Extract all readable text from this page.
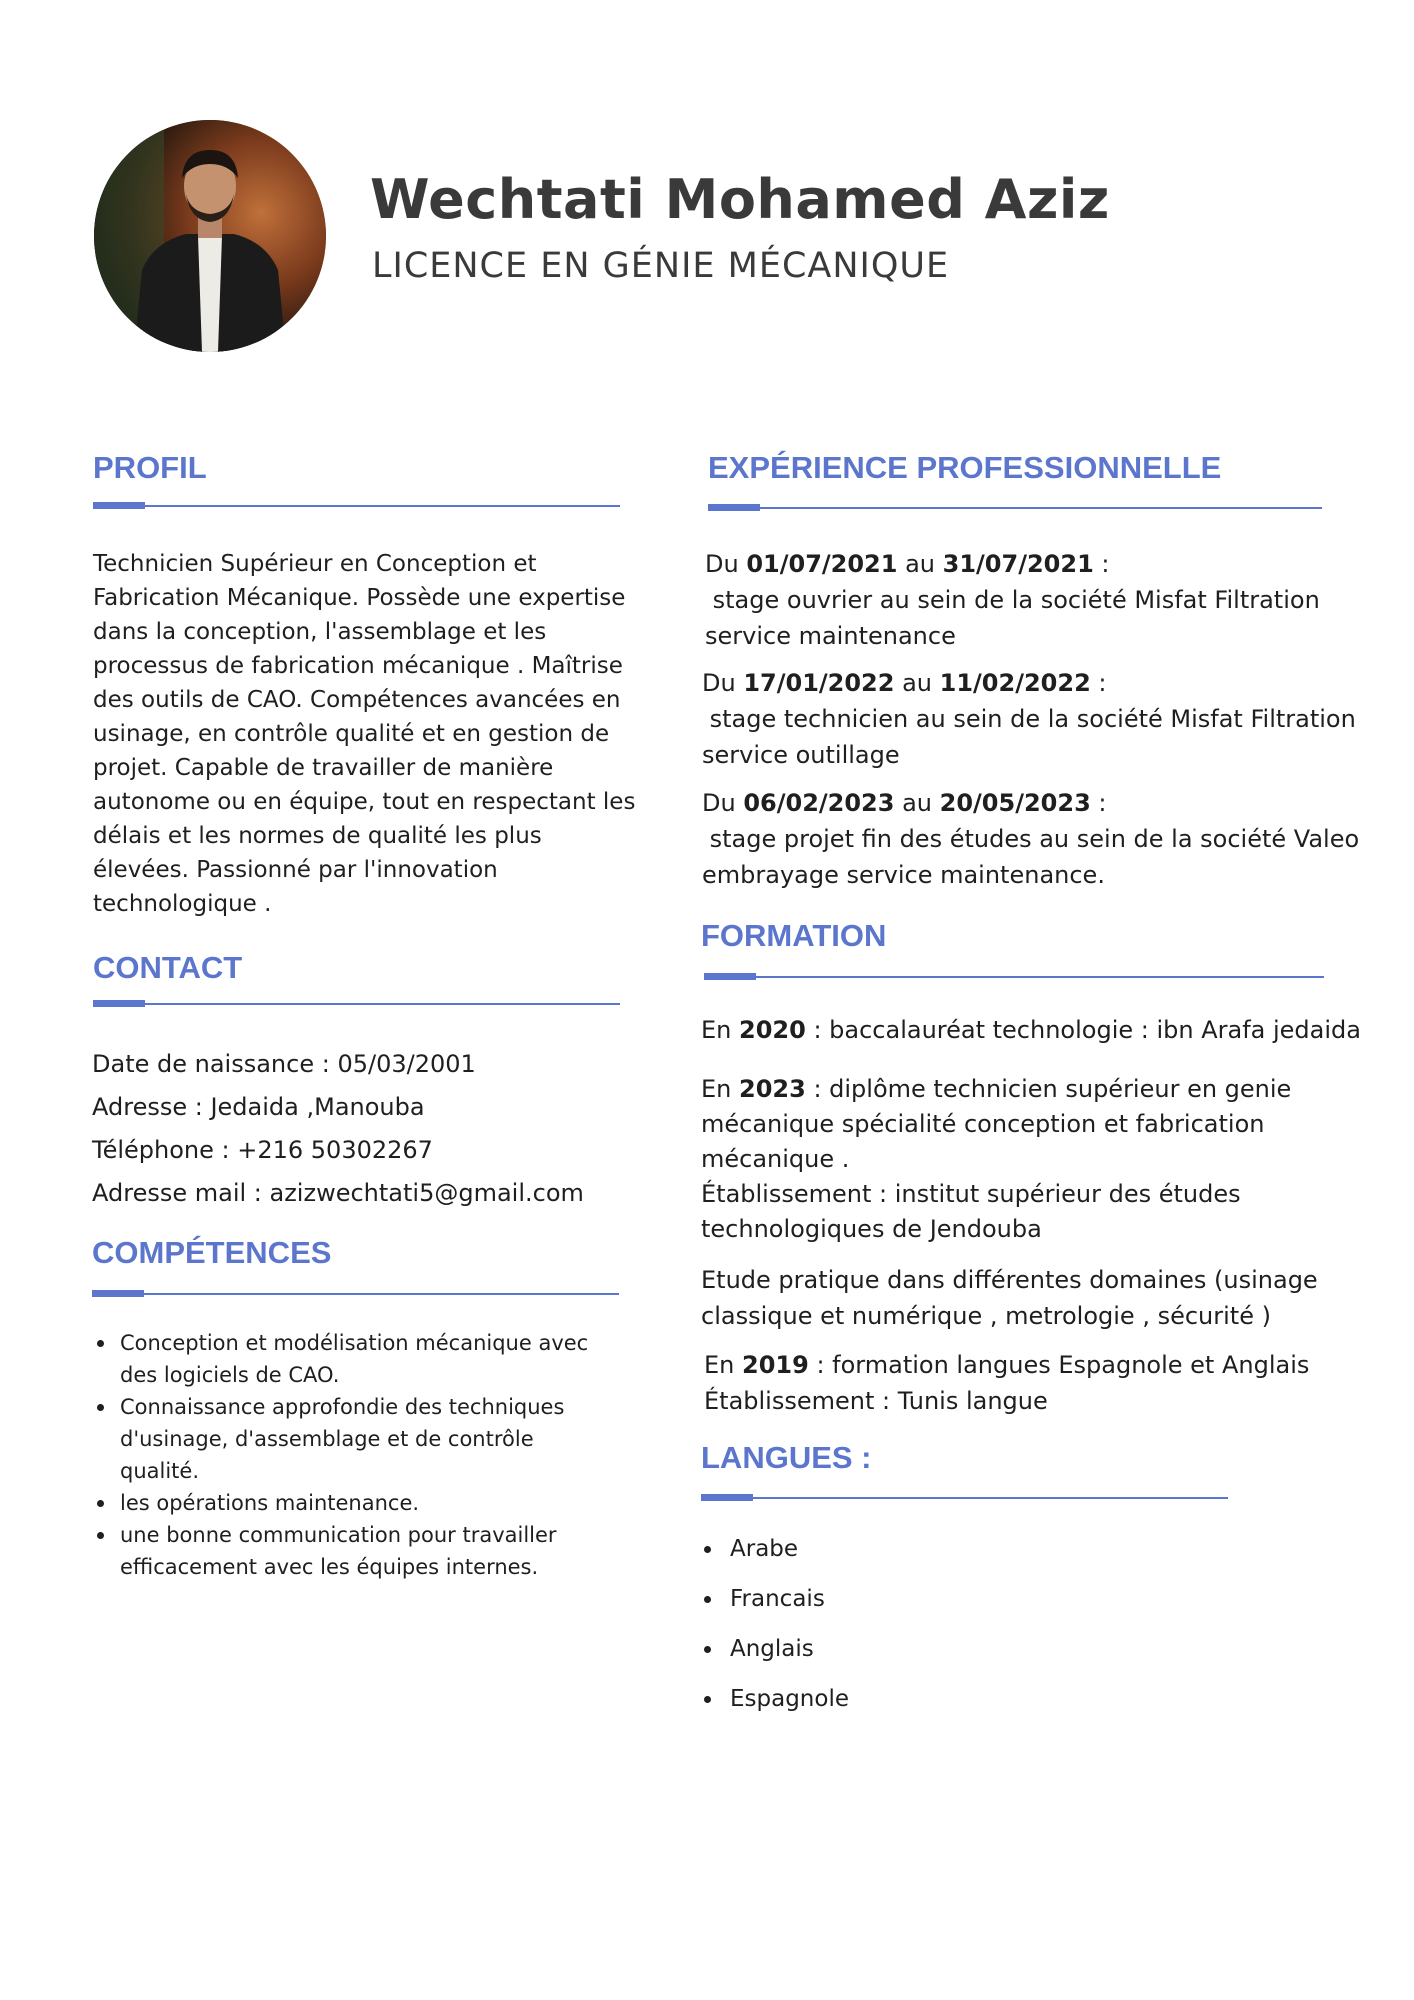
Wechtati Mohamed Aziz
LICENCE EN GÉNIE MÉCANIQUE
PROFIL
Technicien Supérieur en Conception et
Fabrication Mécanique. Possède une expertise
dans la conception, l'assemblage et les
processus de fabrication mécanique . Maîtrise
des outils de CAO. Compétences avancées en
usinage, en contrôle qualité et en gestion de
projet. Capable de travailler de manière
autonome ou en équipe, tout en respectant les
délais et les normes de qualité les plus
élevées. Passionné par l'innovation
technologique .
CONTACT
Date de naissance : 05/03/2001
Adresse : Jedaida ,Manouba
Téléphone : +216 50302267
Adresse mail : azizwechtati5@gmail.com
COMPÉTENCES
Conception et modélisation mécanique avec
des logiciels de CAO.
Connaissance approfondie des techniques
d'usinage, d'assemblage et de contrôle
qualité.
les opérations maintenance.
une bonne communication pour travailler
efficacement avec les équipes internes.
EXPÉRIENCE PROFESSIONNELLE
Du 01/07/2021 au 31/07/2021 :
stage ouvrier au sein de la société Misfat Filtration
service maintenance
Du 17/01/2022 au 11/02/2022 :
stage technicien au sein de la société Misfat Filtration
service outillage
Du 06/02/2023 au 20/05/2023 :
stage projet fin des études au sein de la société Valeo
embrayage service maintenance.
FORMATION
En 2020 : baccalauréat technologie : ibn Arafa jedaida
En 2023 : diplôme technicien supérieur en genie
mécanique spécialité conception et fabrication
mécanique .
Établissement : institut supérieur des études
technologiques de Jendouba
Etude pratique dans différentes domaines (usinage
classique et numérique , metrologie , sécurité )
En 2019 : formation langues Espagnole et Anglais
Établissement : Tunis langue
LANGUES :
Arabe
Francais
Anglais
Espagnole
